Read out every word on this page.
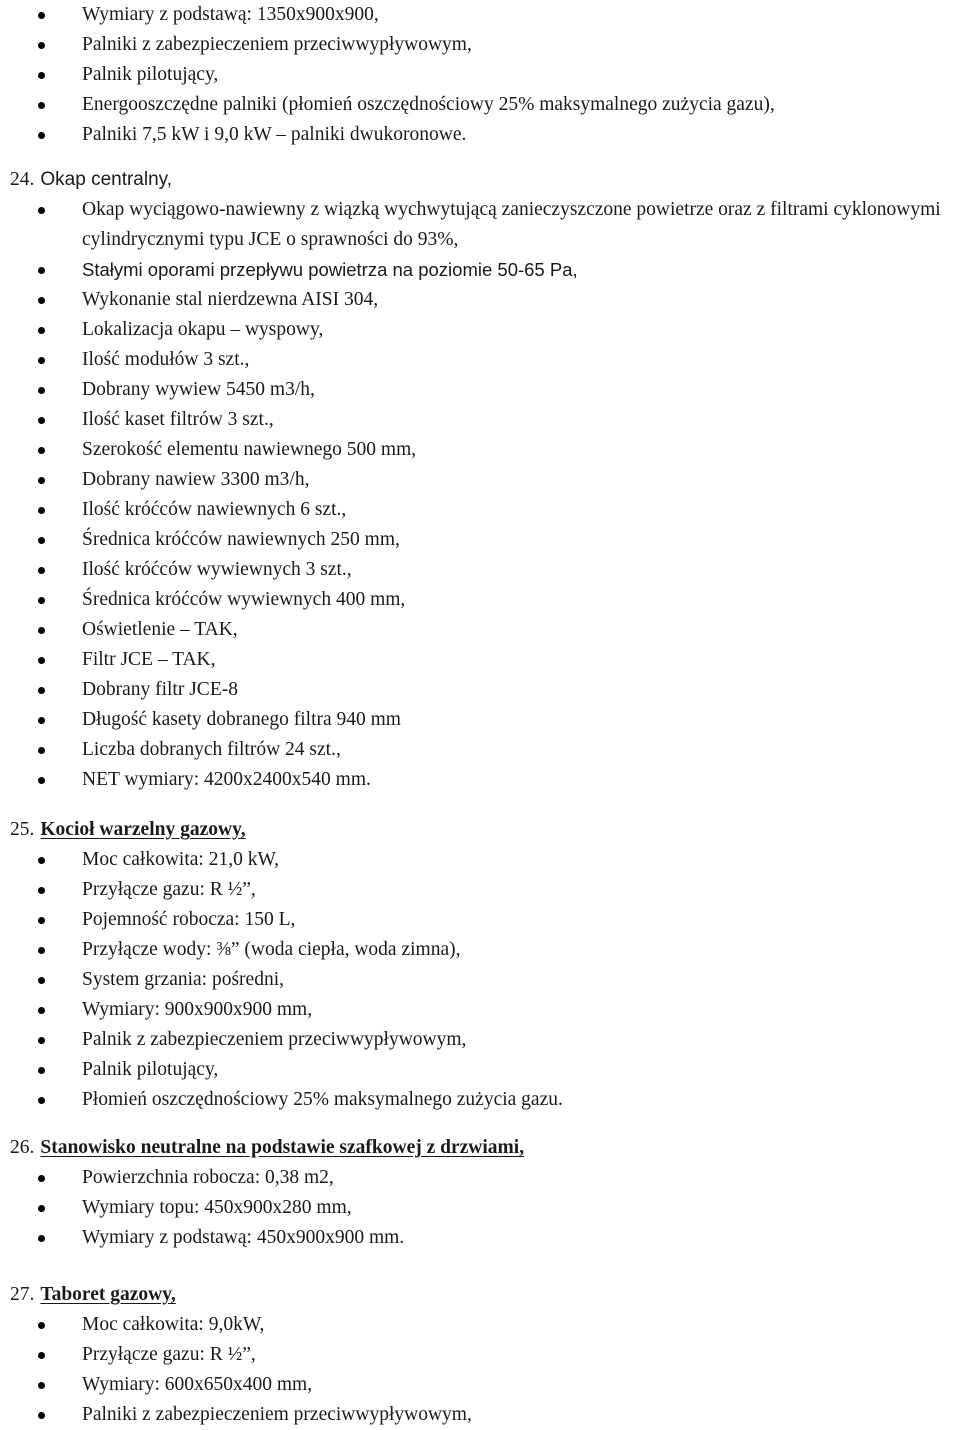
Wymiary z podstawą: 1350x900x900,
Palniki z zabezpieczeniem przeciwwypływowym,
Palnik pilotujący,
Energooszczędne palniki (płomień oszczędnościowy 25% maksymalnego zużycia gazu),
Palniki 7,5 kW i 9,0 kW – palniki dwukoronowe.
24. Okap centralny,
Okap wyciągowo-nawiewny z wiązką wychwytującą zanieczyszczone powietrze oraz z filtrami cyklonowymi cylindrycznymi typu JCE o sprawności do 93%,
Stałymi oporami przepływu powietrza na poziomie 50-65 Pa,
Wykonanie stal nierdzewna AISI 304,
Lokalizacja okapu – wyspowy,
Ilość modułów 3 szt.,
Dobrany wywiew 5450 m3/h,
Ilość kaset filtrów 3 szt.,
Szerokość elementu nawiewnego 500 mm,
Dobrany nawiew 3300 m3/h,
Ilość króćców nawiewnych 6 szt.,
Średnica króćców nawiewnych 250 mm,
Ilość króćców wywiewnych 3 szt.,
Średnica króćców wywiewnych 400 mm,
Oświetlenie – TAK,
Filtr JCE – TAK,
Dobrany filtr JCE-8
Długość kasety dobranego filtra 940 mm
Liczba dobranych filtrów 24 szt.,
NET wymiary: 4200x2400x540 mm.
25. Kocioł warzelny gazowy,
Moc całkowita: 21,0 kW,
Przyłącze gazu: R ½”,
Pojemność robocza: 150 L,
Przyłącze wody: ⅜” (woda ciepła, woda zimna),
System grzania: pośredni,
Wymiary: 900x900x900 mm,
Palnik z zabezpieczeniem przeciwwypływowym,
Palnik pilotujący,
Płomień oszczędnościowy 25% maksymalnego zużycia gazu.
26. Stanowisko neutralne na podstawie szafkowej z drzwiami,
Powierzchnia robocza: 0,38 m2,
Wymiary topu: 450x900x280 mm,
Wymiary z podstawą: 450x900x900 mm.
27. Taboret gazowy,
Moc całkowita: 9,0kW,
Przyłącze gazu: R ½”,
Wymiary: 600x650x400 mm,
Palniki z zabezpieczeniem przeciwwypływowym,
